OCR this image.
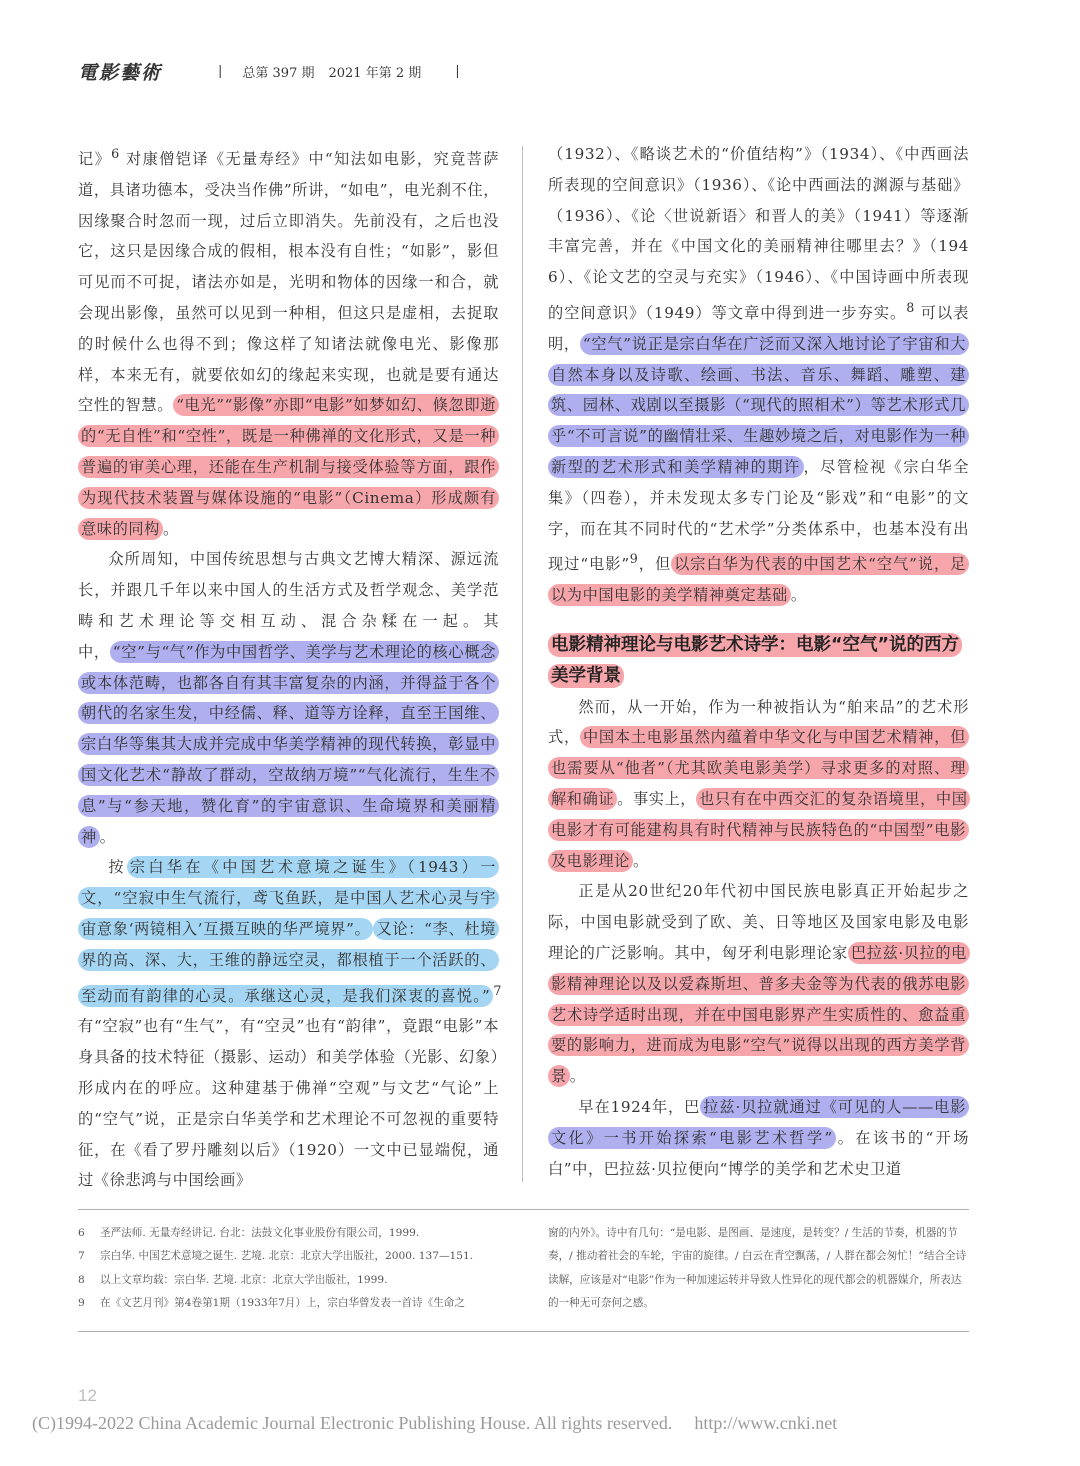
電影藝術	| 总第 397 期 2021 年第 2 期	|

记》$^6$ 对康僧铠译《无量寿经》中“知法如电影，究竟菩萨道，具诸功德本，受决当作佛”所讲，“如电”，电光刹不住，因缘聚合时忽而一现，过后立即消失。先前没有，之后也没它，这只是因缘合成的假相，根本没有自性；“如影”，影但可见而不可捉，诸法亦如是，光明和物体的因缘一和合，就会现出影像，虽然可以见到一种相，但这只是虚相，去捉取的时候什么也得不到；像这样了知诸法就像电光、影像那样，本来无有，就要依如幻的缘起来实现，也就是要有通达空性的智慧。 “电光”“影像”亦即“电影”如梦如幻、倏忽即逝的“无自性”和“空性”，既是一种佛禅的文化形式，又是一种普遍的审美心理，还能在生产机制与接受体验等方面，跟作为现代技术装置与媒体设施的“电影”（Cinema）形成颇有意味的同构 。

众所周知，中国传统思想与古典文艺博大精深、源远流长，并跟几千年以来中国人的生活方式及哲学观念、美学范畴和艺术理论等交相互动、混合杂糅在一起。其中， “空”与“气”作为中国哲学、美学与艺术理论的核心概念或本体范畴，也都各自有其丰富复杂的内涵，并得益于各个朝代的名家生发，中经儒、释、道等方诠释，直至王国维、宗白华等集其大成并完成中华美学精神的现代转换，彰显中国文化艺术“静故了群动，空故纳万境”“气化流行，生生不息”与“参天地，赞化育”的宇宙意识、生命境界和美丽精神 。

按 宗白华在《中国艺术意境之诞生》（1943）一文，“空寂中生气流行，鸢飞鱼跃，是中国人艺术心灵与宇宙意象‘两镜相入’互摄互映的华严境界”。 又论：“李、杜境界的高、深、大，王维的静远空灵，都根植于一个活跃的、至动而有韵律的心灵。承继这心灵，是我们深衷的喜悦。” $^7$有“空寂”也有“生气”，有“空灵”也有“韵律”，竟跟“电影”本身具备的技术特征（摄影、运动）和美学体验（光影、幻象）形成内在的呼应。这种建基于佛禅“空观”与文艺“气论”上的“空气”说，正是宗白华美学和艺术理论不可忽视的重要特征，在《看了罗丹雕刻以后》（1920）一文中已显端倪，通过《徐悲鸿与中国绘画》

（1932）、《略谈艺术的“价值结构”》（1934）、《中西画法所表现的空间意识》（1936）、《论中西画法的渊源与基础》（1936）、《论〈世说新语〉和晋人的美》（1941）等逐渐丰富完善，并在《中国文化的美丽精神往哪里去？》（1946）、《论文艺的空灵与充实》（1946）、《中国诗画中所表现的空间意识》（1949）等文章中得到进一步夯实。$^8$ 可以表明， “空气”说正是宗白华在广泛而又深入地讨论了宇宙和大自然本身以及诗歌、绘画、书法、音乐、舞蹈、雕塑、建筑、园林、戏剧以至摄影（“现代的照相术”）等艺术形式几乎“不可言说”的幽情壮采、生趣妙境之后，对电影作为一种新型的艺术形式和美学精神的期许 ，尽管检视《宗白华全集》（四卷），并未发现太多专门论及“影戏”和“电影”的文字，而在其不同时代的“艺术学”分类体系中，也基本没有出现过“电影”$^9$，但 以宗白华为代表的中国艺术“空气”说，足以为中国电影的美学精神奠定基础 。

电影精神理论与电影艺术诗学：电影“空气”说的西方美学背景

然而，从一开始，作为一种被指认为“舶来品”的艺术形式， 中国本土电影虽然内蕴着中华文化与中国艺术精神，但也需要从“他者”（尤其欧美电影美学）寻求更多的对照、理解和确证 。事实上， 也只有在中西交汇的复杂语境里，中国电影才有可能建构具有时代精神与民族特色的“中国型”电影及电影理论 。

正是从20世纪20年代初中国民族电影真正开始起步之际，中国电影就受到了欧、美、日等地区及国家电影及电影理论的广泛影响。其中，匈牙利电影理论家 巴拉兹·贝拉的电影精神理论以及以爱森斯坦、普多夫金等为代表的俄苏电影艺术诗学适时出现，并在中国电影界产生实质性的、愈益重要的影响力，进而成为电影“空气”说得以出现的西方美学背景 。

早在1924年，巴 拉兹·贝拉就通过《可见的人——电影文化》一书开始探索“电影艺术哲学” 。在该书的“开场白”中，巴拉兹·贝拉便向“博学的美学和艺术史卫道

6	圣严法师. 无量寿经讲记. 台北：法鼓文化事业股份有限公司，1999.
7	宗白华. 中国艺术意境之诞生. 艺境. 北京：北京大学出版社，2000. 137—151.
8	以上文章均载：宗白华. 艺境. 北京：北京大学出版社，1999.
9	在《文艺月刊》第4卷第1期（1933年7月）上，宗白华曾发表一首诗《生命之
窗的内外》。诗中有几句：“是电影、是图画、是速度，是转变？/ 生活的节奏，机器的节奏，/ 推动着社会的车轮，宇宙的旋律。/ 白云在青空飘荡，/ 人群在都会匆忙！”结合全诗读解，应该是对“电影”作为一种加速运转并导致人性异化的现代都会的机器媒介，所表达的一种无可奈何之感。
12
(C)1994-2022 China Academic Journal Electronic Publishing House. All rights reserved. http://www.cnki.net
